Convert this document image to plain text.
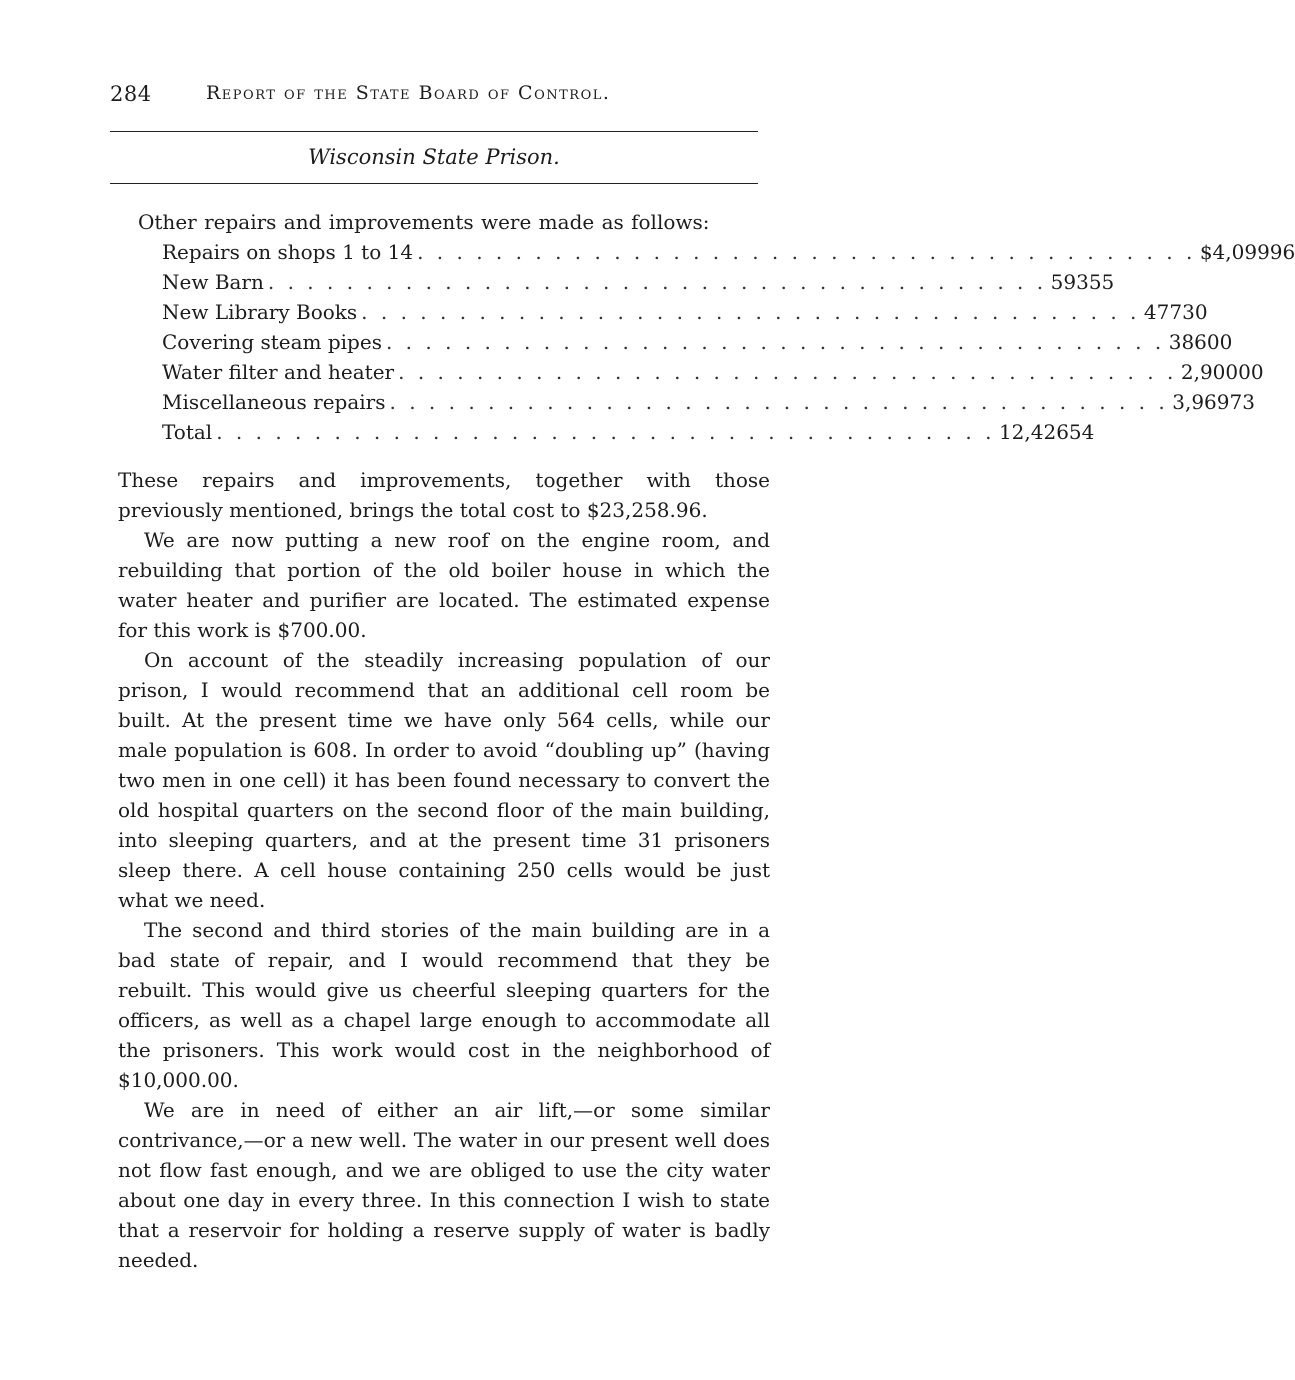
284	Report of the State Board of Control.
Wisconsin State Prison.
Other repairs and improvements were made as follows:
Repairs on shops 1 to 14 . . . . . . . . . . . . . . . . . . . . . . . . . . . . . . . . . . . . . . . . $4,099 96
New Barn . . . . . . . . . . . . . . . . . . . . . . . . . . . . . . . . . . . . . . . . 593 55
New Library Books . . . . . . . . . . . . . . . . . . . . . . . . . . . . . . . . . . . . . . . . 477 30
Covering steam pipes . . . . . . . . . . . . . . . . . . . . . . . . . . . . . . . . . . . . . . . . 386 00
Water filter and heater . . . . . . . . . . . . . . . . . . . . . . . . . . . . . . . . . . . . . . . . 2,900 00
Miscellaneous repairs . . . . . . . . . . . . . . . . . . . . . . . . . . . . . . . . . . . . . . . . 3,969 73
Total . . . . . . . . . . . . . . . . . . . . . . . . . . . . . . . . . . . . . . . . 12,426 54

These repairs and improvements, together with those previously mentioned, brings the total cost to $23,258.96.

We are now putting a new roof on the engine room, and rebuilding that portion of the old boiler house in which the water heater and purifier are located. The estimated expense for this work is $700.00.

On account of the steadily increasing population of our prison, I would recommend that an additional cell room be built. At the present time we have only 564 cells, while our male population is 608. In order to avoid “doubling up” (having two men in one cell) it has been found necessary to convert the old hospital quarters on the second floor of the main building, into sleeping quarters, and at the present time 31 prisoners sleep there. A cell house containing 250 cells would be just what we need.

The second and third stories of the main building are in a bad state of repair, and I would recommend that they be rebuilt. This would give us cheerful sleeping quarters for the officers, as well as a chapel large enough to accommodate all the prisoners. This work would cost in the neighborhood of $10,000.00.

We are in need of either an air lift,—or some similar contrivance,—or a new well. The water in our present well does not flow fast enough, and we are obliged to use the city water about one day in every three. In this connection I wish to state that a reservoir for holding a reserve supply of water is badly needed.
